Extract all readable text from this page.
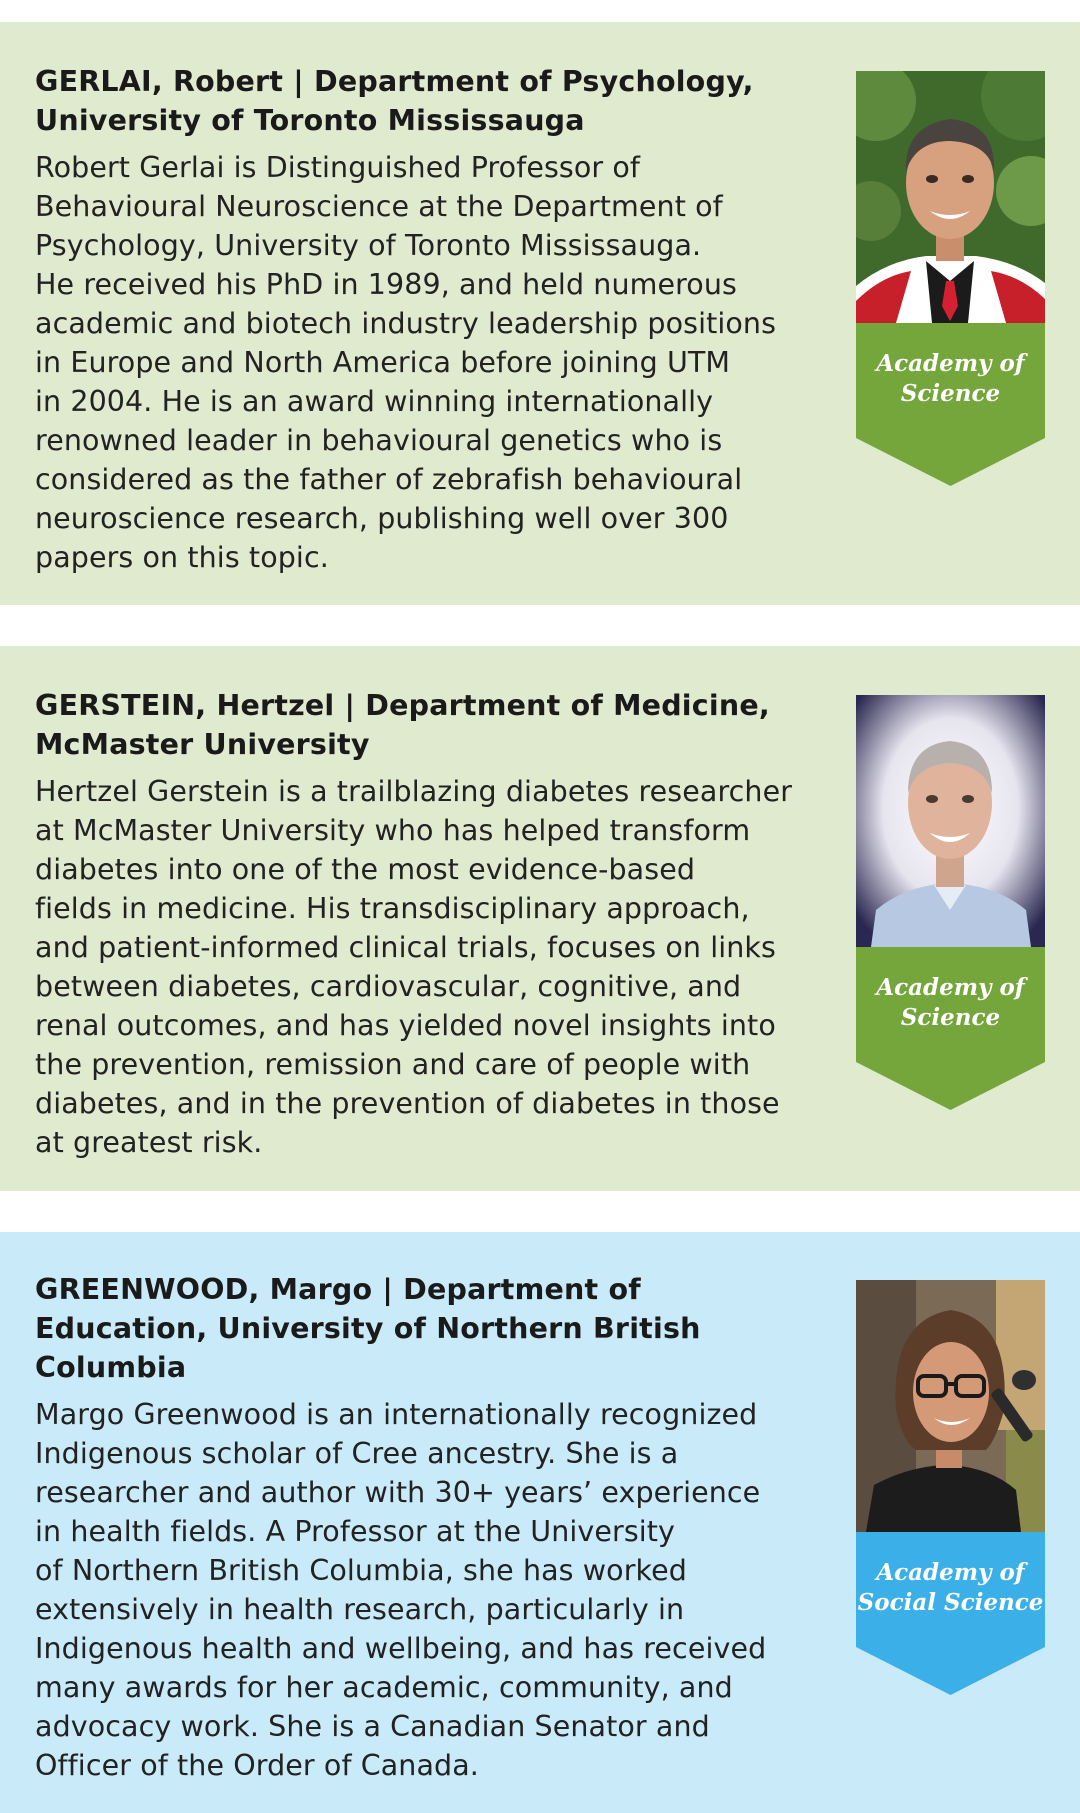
GERLAI, Robert | Department of Psychology,
University of Toronto Mississauga

Robert Gerlai is Distinguished Professor of
Behavioural Neuroscience at the Department of
Psychology, University of Toronto Mississauga.
He received his PhD in 1989, and held numerous
academic and biotech industry leadership positions
in Europe and North America before joining UTM
in 2004. He is an award winning internationally
renowned leader in behavioural genetics who is
considered as the father of zebrafish behavioural
neuroscience research, publishing well over 300
papers on this topic.

Academy of
Science
GERSTEIN, Hertzel | Department of Medicine,
McMaster University

Hertzel Gerstein is a trailblazing diabetes researcher
at McMaster University who has helped transform
diabetes into one of the most evidence-based
fields in medicine. His transdisciplinary approach,
and patient-informed clinical trials, focuses on links
between diabetes, cardiovascular, cognitive, and
renal outcomes, and has yielded novel insights into
the prevention, remission and care of people with
diabetes, and in the prevention of diabetes in those
at greatest risk.

Academy of
Science
GREENWOOD, Margo | Department of
Education, University of Northern British
Columbia

Margo Greenwood is an internationally recognized
Indigenous scholar of Cree ancestry. She is a
researcher and author with 30+ years’ experience
in health fields. A Professor at the University
of Northern British Columbia, she has worked
extensively in health research, particularly in
Indigenous health and wellbeing, and has received
many awards for her academic, community, and
advocacy work. She is a Canadian Senator and
Officer of the Order of Canada.

Academy of
Social Science
